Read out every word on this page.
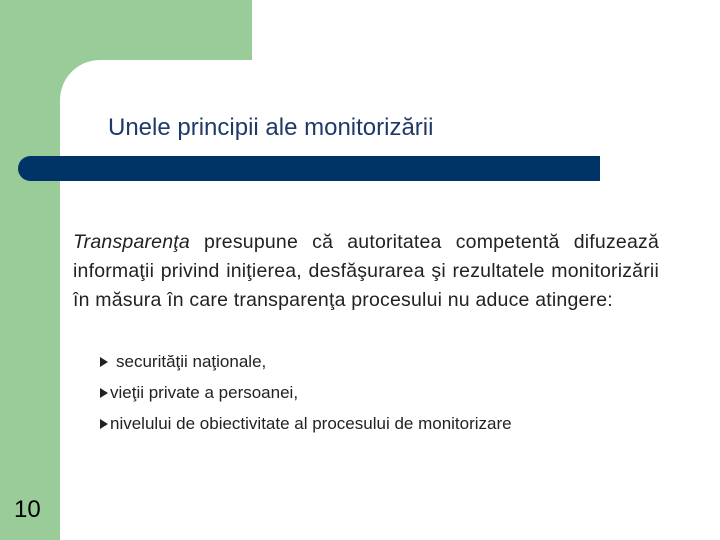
Unele principii ale monitorizării
Transparenţa presupune că autoritatea competentă difuzează informaţii privind iniţierea, desfăşurarea şi rezultatele monitorizării în măsura în care transparenţa procesului nu aduce atingere:
securităţii naţionale,
vieţii private a persoanei,
nivelului de obiectivitate al procesului de monitorizare
10
